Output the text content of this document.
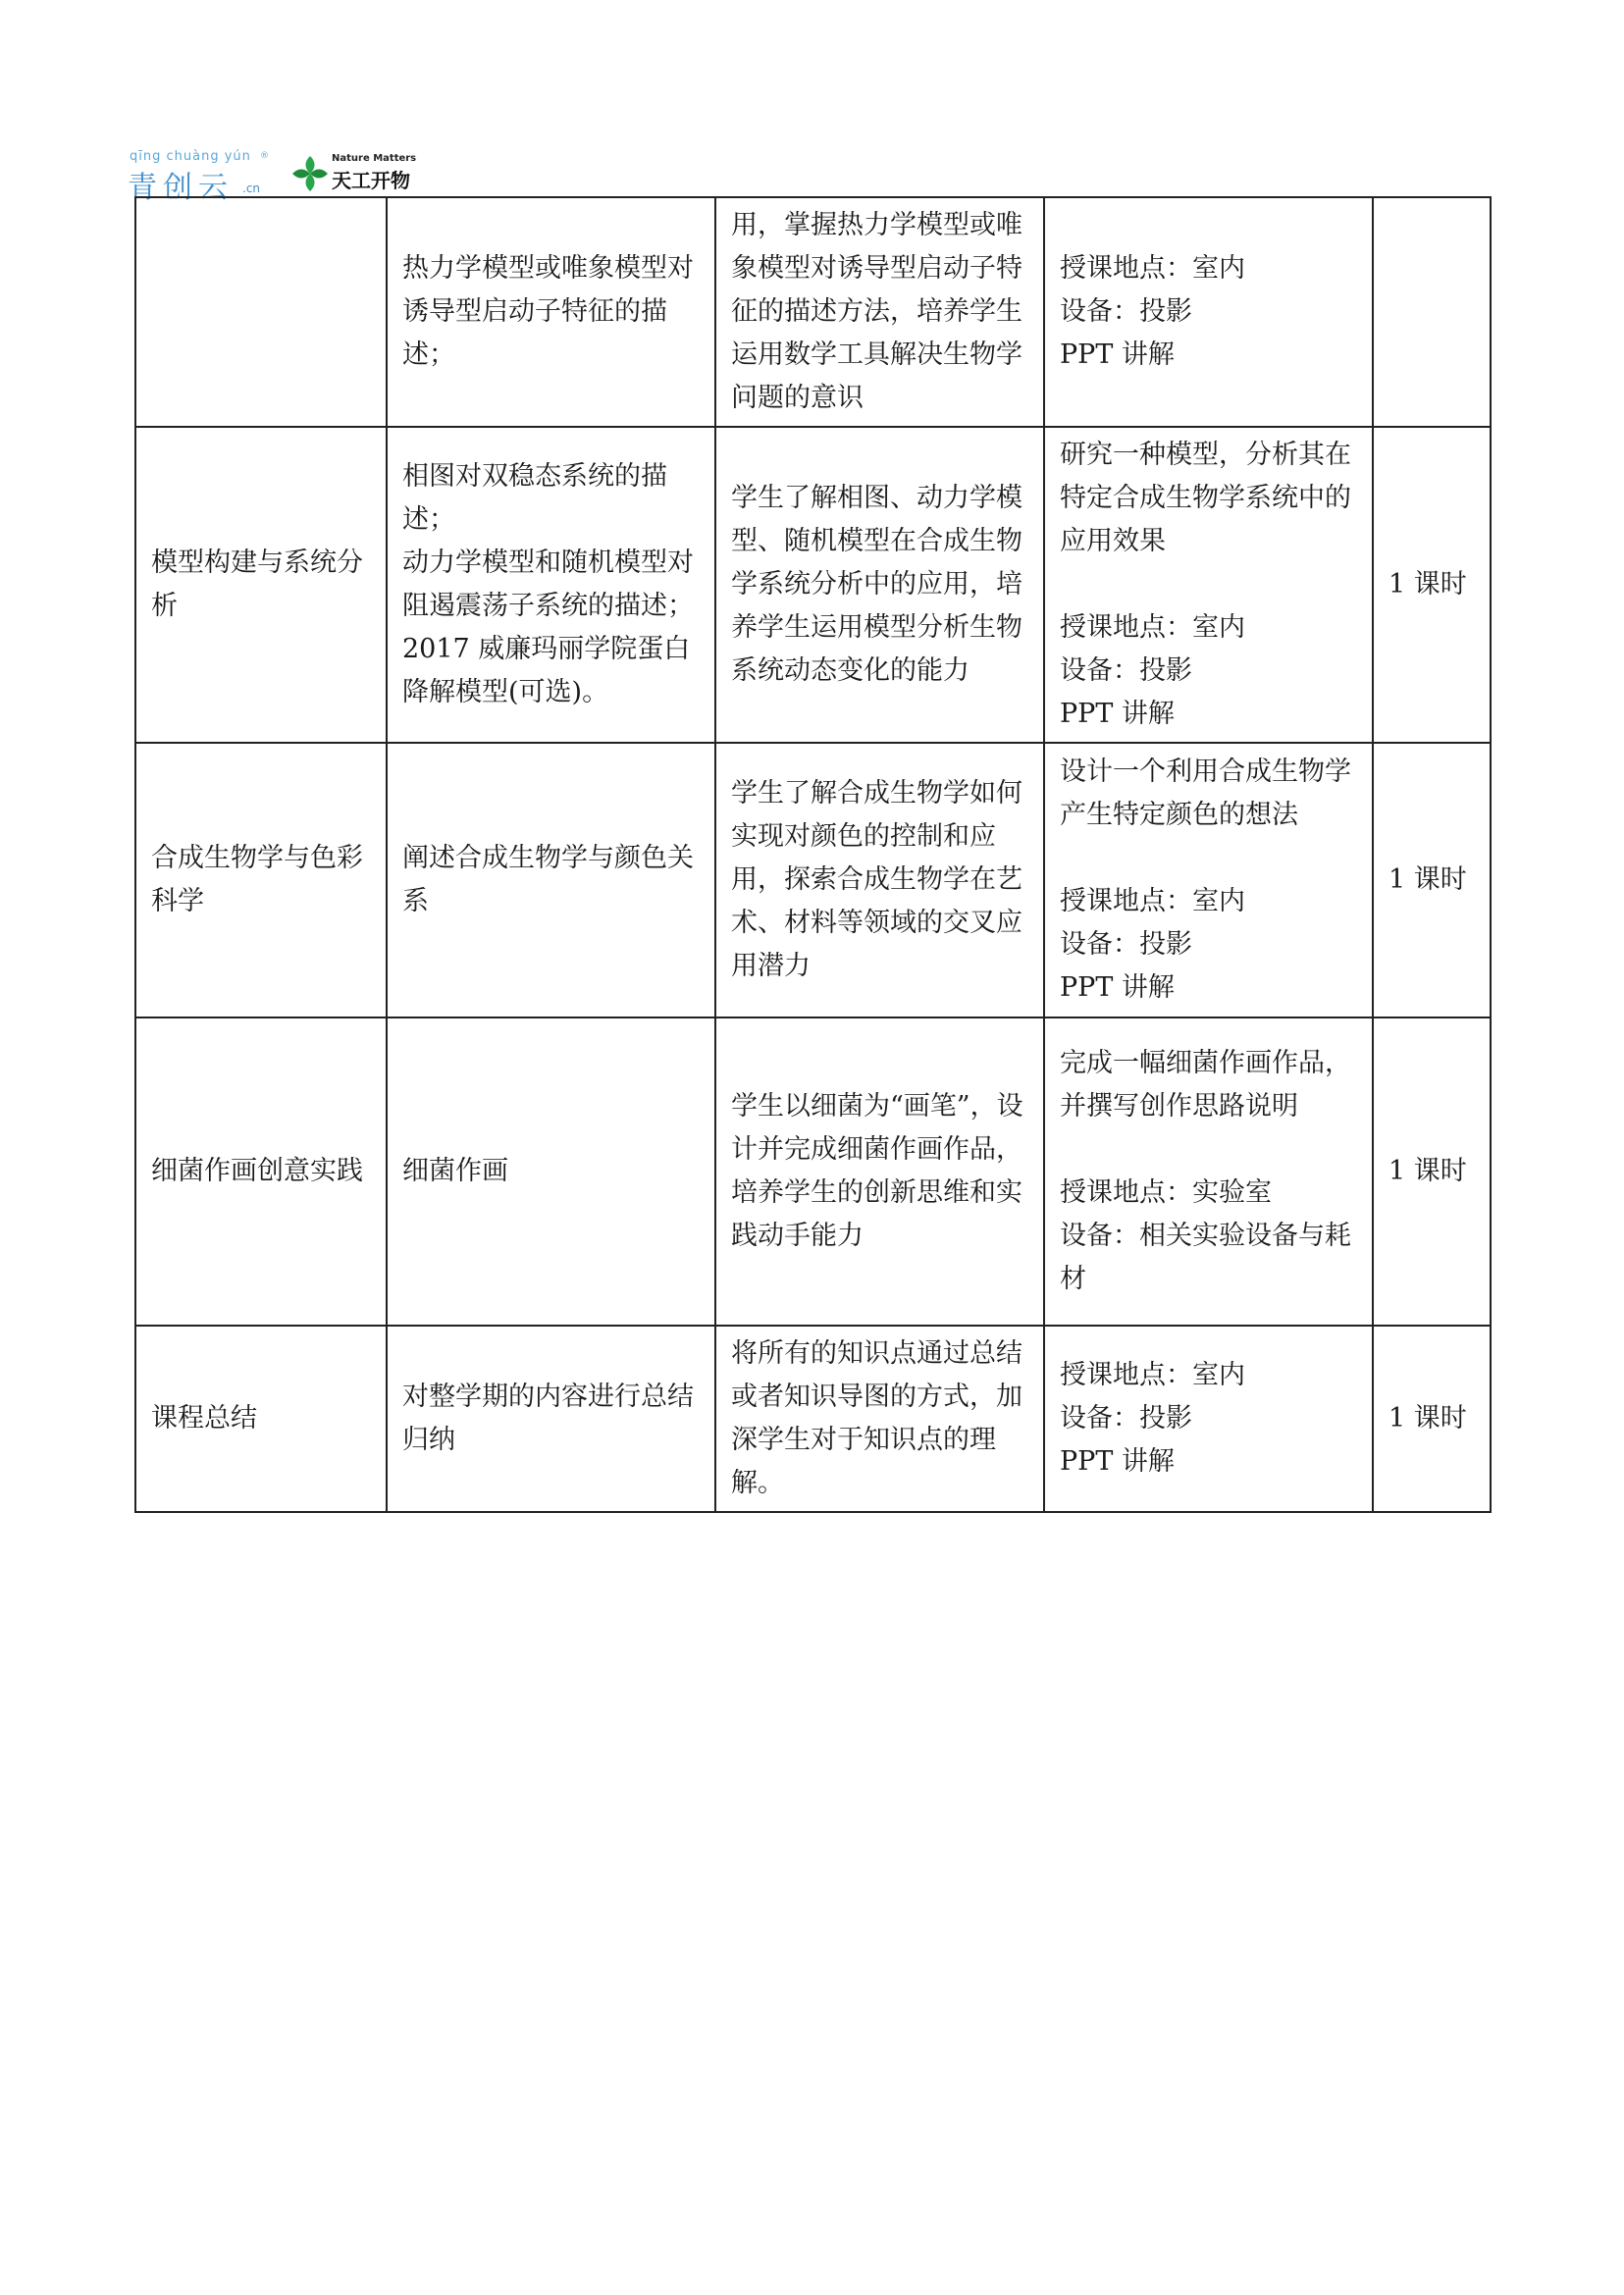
qīng chuàng yún ®
青创云 .cn
Nature Matters
天工开物
	热力学模型或唯象模型对诱导型启动子特征的描述；	用，掌握热力学模型或唯象模型对诱导型启动子特征的描述方法，培养学生运用数学工具解决生物学问题的意识	授课地点：室内
设备：投影
PPT 讲解	

模型构建与系统分析	相图对双稳态系统的描述；
动力学模型和随机模型对阻遏震荡子系统的描述；
2017 威廉玛丽学院蛋白降解模型(可选)。	学生了解相图、动力学模型、随机模型在合成生物学系统分析中的应用，培养学生运用模型分析生物系统动态变化的能力	研究一种模型，分析其在特定合成生物学系统中的应用效果
授课地点：室内
设备：投影
PPT 讲解	1 课时
合成生物学与色彩科学	阐述合成生物学与颜色关系	学生了解合成生物学如何实现对颜色的控制和应用，探索合成生物学在艺术、材料等领域的交叉应用潜力	设计一个利用合成生物学产生特定颜色的想法
授课地点：室内
设备：投影
PPT 讲解	1 课时
细菌作画创意实践	细菌作画	学生以细菌为“画笔”，设计并完成细菌作画作品，培养学生的创新思维和实践动手能力	完成一幅细菌作画作品，并撰写创作思路说明
授课地点：实验室
设备：相关实验设备与耗材	1 课时
课程总结	对整学期的内容进行总结归纳	将所有的知识点通过总结或者知识导图的方式，加深学生对于知识点的理解。	授课地点：室内
设备：投影
PPT 讲解	1 课时
